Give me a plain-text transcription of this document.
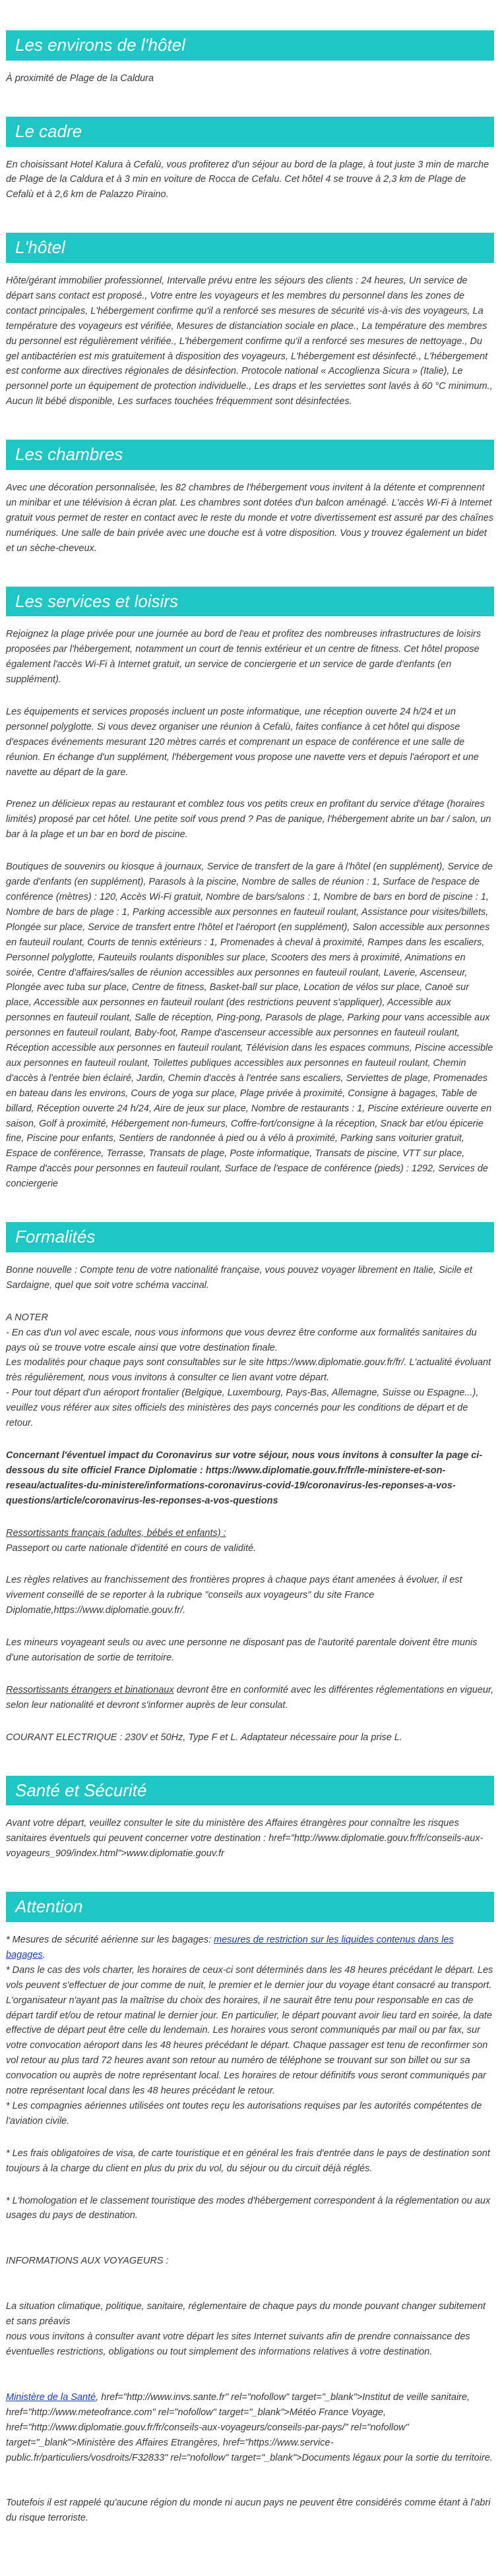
Les environs de l'hôtel

À proximité de Plage de la Caldura

Le cadre

En choisissant Hotel Kalura à Cefalù, vous profiterez d'un séjour au bord de la plage, à tout juste 3 min de marche de Plage de la Caldura et à 3 min en voiture de Rocca de Cefalu. Cet hôtel 4 se trouve à 2,3 km de Plage de Cefalù et à 2,6 km de Palazzo Piraino.

L'hôtel

Hôte/gérant immobilier professionnel, Intervalle prévu entre les séjours des clients : 24 heures, Un service de départ sans contact est proposé., Votre entre les voyageurs et les membres du personnel dans les zones de contact principales, L'hébergement confirme qu'il a renforcé ses mesures de sécurité vis-à-vis des voyageurs, La température des voyageurs est vérifiée, Mesures de distanciation sociale en place., La température des membres du personnel est régulièrement vérifiée., L'hébergement confirme qu'il a renforcé ses mesures de nettoyage., Du gel antibactérien est mis gratuitement à disposition des voyageurs, L'hébergement est désinfecté., L'hébergement est conforme aux directives régionales de désinfection. Protocole national « Accoglienza Sicura » (Italie), Le personnel porte un équipement de protection individuelle., Les draps et les serviettes sont lavés à 60 °C minimum., Aucun lit bébé disponible, Les surfaces touchées fréquemment sont désinfectées.

Les chambres

Avec une décoration personnalisée, les 82 chambres de l'hébergement vous invitent à la détente et comprennent un minibar et une télévision à écran plat. Les chambres sont dotées d'un balcon aménagé. L'accès Wi-Fi à Internet gratuit vous permet de rester en contact avec le reste du monde et votre divertissement est assuré par des chaînes numériques. Une salle de bain privée avec une douche est à votre disposition. Vous y trouvez également un bidet et un sèche-cheveux.

Les services et loisirs

Rejoignez la plage privée pour une journée au bord de l'eau et profitez des nombreuses infrastructures de loisirs proposées par l'hébergement, notamment un court de tennis extérieur et un centre de fitness. Cet hôtel propose également l'accès Wi-Fi à Internet gratuit, un service de conciergerie et un service de garde d'enfants (en supplément).

Les équipements et services proposés incluent un poste informatique, une réception ouverte 24 h/24 et un personnel polyglotte. Si vous devez organiser une réunion à Cefalù, faites confiance à cet hôtel qui dispose d'espaces événements mesurant 120 mètres carrés et comprenant un espace de conférence et une salle de réunion. En échange d'un supplément, l'hébergement vous propose une navette vers et depuis l'aéroport et une navette au départ de la gare.

Prenez un délicieux repas au restaurant et comblez tous vos petits creux en profitant du service d'étage (horaires limités) proposé par cet hôtel. Une petite soif vous prend ? Pas de panique, l'hébergement abrite un bar / salon, un bar à la plage et un bar en bord de piscine.

Boutiques de souvenirs ou kiosque à journaux, Service de transfert de la gare à l'hôtel (en supplément), Service de garde d'enfants (en supplément), Parasols à la piscine, Nombre de salles de réunion : 1, Surface de l'espace de conférence (mètres) : 120, Accès Wi-Fi gratuit, Nombre de bars/salons : 1, Nombre de bars en bord de piscine : 1, Nombre de bars de plage : 1, Parking accessible aux personnes en fauteuil roulant, Assistance pour visites/billets, Plongée sur place, Service de transfert entre l'hôtel et l'aéroport (en supplément), Salon accessible aux personnes en fauteuil roulant, Courts de tennis extérieurs : 1, Promenades à cheval à proximité, Rampes dans les escaliers, Personnel polyglotte, Fauteuils roulants disponibles sur place, Scooters des mers à proximité, Animations en soirée, Centre d'affaires/salles de réunion accessibles aux personnes en fauteuil roulant, Laverie, Ascenseur, Plongée avec tuba sur place, Centre de fitness, Basket-ball sur place, Location de vélos sur place, Canoë sur place, Accessible aux personnes en fauteuil roulant (des restrictions peuvent s'appliquer), Accessible aux personnes en fauteuil roulant, Salle de réception, Ping-pong, Parasols de plage, Parking pour vans accessible aux personnes en fauteuil roulant, Baby-foot, Rampe d'ascenseur accessible aux personnes en fauteuil roulant, Réception accessible aux personnes en fauteuil roulant, Télévision dans les espaces communs, Piscine accessible aux personnes en fauteuil roulant, Toilettes publiques accessibles aux personnes en fauteuil roulant, Chemin d'accès à l'entrée bien éclairé, Jardin, Chemin d'accès à l'entrée sans escaliers, Serviettes de plage, Promenades en bateau dans les environs, Cours de yoga sur place, Plage privée à proximité, Consigne à bagages, Table de billard, Réception ouverte 24 h/24, Aire de jeux sur place, Nombre de restaurants : 1, Piscine extérieure ouverte en saison, Golf à proximité, Hébergement non-fumeurs, Coffre-fort/consigne à la réception, Snack bar et/ou épicerie fine, Piscine pour enfants, Sentiers de randonnée à pied ou à vélo à proximité, Parking sans voiturier gratuit, Espace de conférence, Terrasse, Transats de plage, Poste informatique, Transats de piscine, VTT sur place, Rampe d'accès pour personnes en fauteuil roulant, Surface de l'espace de conférence (pieds) : 1292, Services de conciergerie

Formalités

Bonne nouvelle : Compte tenu de votre nationalité française, vous pouvez voyager librement en Italie, Sicile et Sardaigne, quel que soit votre schéma vaccinal.

A NOTER
- En cas d'un vol avec escale, nous vous informons que vous devrez être conforme aux formalités sanitaires du pays où se trouve votre escale ainsi que votre destination finale.
Les modalités pour chaque pays sont consultables sur le site https://www.diplomatie.gouv.fr/fr/. L'actualité évoluant très régulièrement, nous vous invitons à consulter ce lien avant votre départ.
- Pour tout départ d'un aéroport frontalier (Belgique, Luxembourg, Pays-Bas, Allemagne, Suisse ou Espagne...), veuillez vous référer aux sites officiels des ministères des pays concernés pour les conditions de départ et de retour.

Concernant l'éventuel impact du Coronavirus sur votre séjour, nous vous invitons à consulter la page ci-dessous du site officiel France Diplomatie : https://www.diplomatie.gouv.fr/fr/le-ministere-et-son-reseau/actualites-du-ministere/informations-coronavirus-covid-19/coronavirus-les-reponses-a-vos-questions/article/coronavirus-les-reponses-a-vos-questions

Ressortissants français (adultes, bébés et enfants) :
Passeport ou carte nationale d'identité en cours de validité.

Les règles relatives au franchissement des frontières propres à chaque pays étant amenées à évoluer, il est vivement conseillé de se reporter à la rubrique "conseils aux voyageurs" du site France Diplomatie,https://www.diplomatie.gouv.fr/.

Les mineurs voyageant seuls ou avec une personne ne disposant pas de l'autorité parentale doivent être munis d'une autorisation de sortie de territoire.

Ressortissants étrangers et binationaux devront être en conformité avec les différentes réglementations en vigueur, selon leur nationalité et devront s'informer auprès de leur consulat.

COURANT ELECTRIQUE : 230V et 50Hz, Type F et L. Adaptateur nécessaire pour la prise L.

Santé et Sécurité

Avant votre départ, veuillez consulter le site du ministère des Affaires étrangères pour connaître les risques sanitaires éventuels qui peuvent concerner votre destination : href="http://www.diplomatie.gouv.fr/fr/conseils-aux-voyageurs_909/index.html">www.diplomatie.gouv.fr

Attention

* Mesures de sécurité aérienne sur les bagages: mesures de restriction sur les liquides contenus dans les bagages.

* Dans le cas des vols charter, les horaires de ceux-ci sont déterminés dans les 48 heures précédant le départ. Les vols peuvent s'effectuer de jour comme de nuit, le premier et le dernier jour du voyage étant consacré au transport. L'organisateur n'ayant pas la maîtrise du choix des horaires, il ne saurait être tenu pour responsable en cas de départ tardif et/ou de retour matinal le dernier jour. En particulier, le départ pouvant avoir lieu tard en soirée, la date effective de départ peut être celle du lendemain. Les horaires vous seront communiqués par mail ou par fax, sur votre convocation aéroport dans les 48 heures précédant le départ. Chaque passager est tenu de reconfirmer son vol retour au plus tard 72 heures avant son retour au numéro de téléphone se trouvant sur son billet ou sur sa convocation ou auprès de notre représentant local. Les horaires de retour définitifs vous seront communiqués par notre représentant local dans les 48 heures précédant le retour.

* Les compagnies aériennes utilisées ont toutes reçu les autorisations requises par les autorités compétentes de l'aviation civile.

* Les frais obligatoires de visa, de carte touristique et en général les frais d'entrée dans le pays de destination sont toujours à la charge du client en plus du prix du vol, du séjour ou du circuit déjà réglés.

* L'homologation et le classement touristique des modes d'hébergement correspondent à la réglementation ou aux usages du pays de destination.

INFORMATIONS AUX VOYAGEURS :

La situation climatique, politique, sanitaire, réglementaire de chaque pays du monde pouvant changer subitement et sans préavis
nous vous invitons à consulter avant votre départ les sites Internet suivants afin de prendre connaissance des éventuelles restrictions, obligations ou tout simplement des informations relatives à votre destination.

Ministère de la Santé, href="http://www.invs.sante.fr" rel="nofollow" target="_blank">Institut de veille sanitaire, href="http://www.meteofrance.com" rel="nofollow" target="_blank">Météo France Voyage, href="http://www.diplomatie.gouv.fr/fr/conseils-aux-voyageurs/conseils-par-pays/" rel="nofollow" target="_blank">Ministère des Affaires Etrangères, href="https://www.service-public.fr/particuliers/vosdroits/F32833" rel="nofollow" target="_blank">Documents légaux pour la sortie du territoire.

Toutefois il est rappelé qu'aucune région du monde ni aucun pays ne peuvent être considérés comme étant à l'abri du risque terroriste.
